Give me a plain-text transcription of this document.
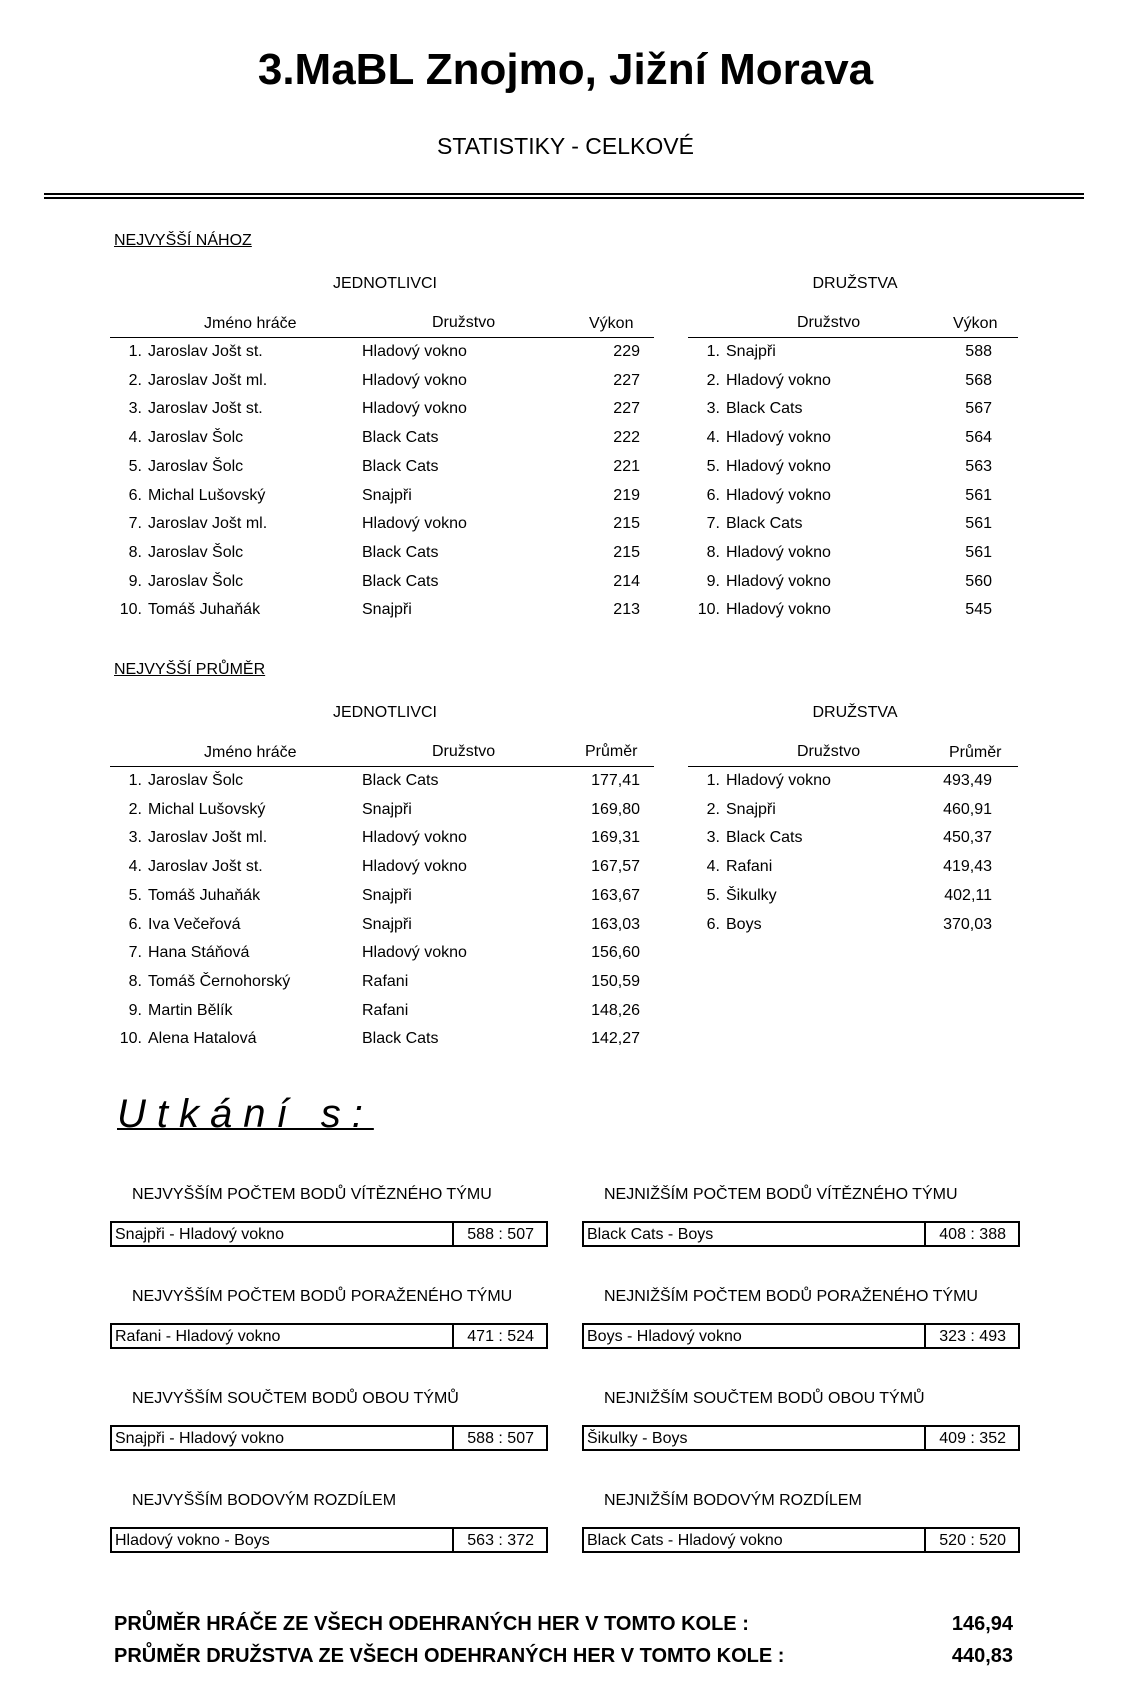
3.MaBL Znojmo, Jižní Morava
STATISTIKY - CELKOVÉ
NEJVYŠŠÍ NÁHOZ
JEDNOTLIVCI	DRUŽSTVA
Jméno hráče	Družstvo	Výkon	Družstvo	Výkon
1. Jaroslav Jošt st.	Hladový vokno	229
2. Jaroslav Jošt ml.	Hladový vokno	227
3. Jaroslav Jošt st.	Hladový vokno	227
4. Jaroslav Šolc	Black Cats	222
5. Jaroslav Šolc	Black Cats	221
6. Michal Lušovský	Snajpři	219
7. Jaroslav Jošt ml.	Hladový vokno	215
8. Jaroslav Šolc	Black Cats	215
9. Jaroslav Šolc	Black Cats	214
10. Tomáš Juhaňák	Snajpři	213
1. Snajpři	588
2. Hladový vokno	568
3. Black Cats	567
4. Hladový vokno	564
5. Hladový vokno	563
6. Hladový vokno	561
7. Black Cats	561
8. Hladový vokno	561
9. Hladový vokno	560
10. Hladový vokno	545
NEJVYŠŠÍ PRŮMĚR
JEDNOTLIVCI	DRUŽSTVA
Jméno hráče	Družstvo	Průměr	Družstvo	Průměr
1. Jaroslav Šolc	Black Cats	177,41
2. Michal Lušovský	Snajpři	169,80
3. Jaroslav Jošt ml.	Hladový vokno	169,31
4. Jaroslav Jošt st.	Hladový vokno	167,57
5. Tomáš Juhaňák	Snajpři	163,67
6. Iva Večeřová	Snajpři	163,03
7. Hana Stáňová	Hladový vokno	156,60
8. Tomáš Černohorský	Rafani	150,59
9. Martin Bělík	Rafani	148,26
10. Alena Hatalová	Black Cats	142,27
1. Hladový vokno	493,49
2. Snajpři	460,91
3. Black Cats	450,37
4. Rafani	419,43
5. Šikulky	402,11
6. Boys	370,03
Utkání s:
NEJVYŠŠÍM POČTEM BODŮ VÍTĚZNÉHO TÝMU
Snajpři - Hladový vokno	588 : 507
NEJNIŽŠÍM POČTEM BODŮ VÍTĚZNÉHO TÝMU
Black Cats - Boys	408 : 388
NEJVYŠŠÍM POČTEM BODŮ PORAŽENÉHO TÝMU
Rafani - Hladový vokno	471 : 524
NEJNIŽŠÍM POČTEM BODŮ PORAŽENÉHO TÝMU
Boys - Hladový vokno	323 : 493
NEJVYŠŠÍM SOUČTEM BODŮ OBOU TÝMŮ
Snajpři - Hladový vokno	588 : 507
NEJNIŽŠÍM SOUČTEM BODŮ OBOU TÝMŮ
Šikulky - Boys	409 : 352
NEJVYŠŠÍM BODOVÝM ROZDÍLEM
Hladový vokno - Boys	563 : 372
NEJNIŽŠÍM BODOVÝM ROZDÍLEM
Black Cats - Hladový vokno	520 : 520
PRŮMĚR HRÁČE ZE VŠECH ODEHRANÝCH HER V TOMTO KOLE :	146,94
PRŮMĚR DRUŽSTVA ZE VŠECH ODEHRANÝCH HER V TOMTO KOLE :	440,83
